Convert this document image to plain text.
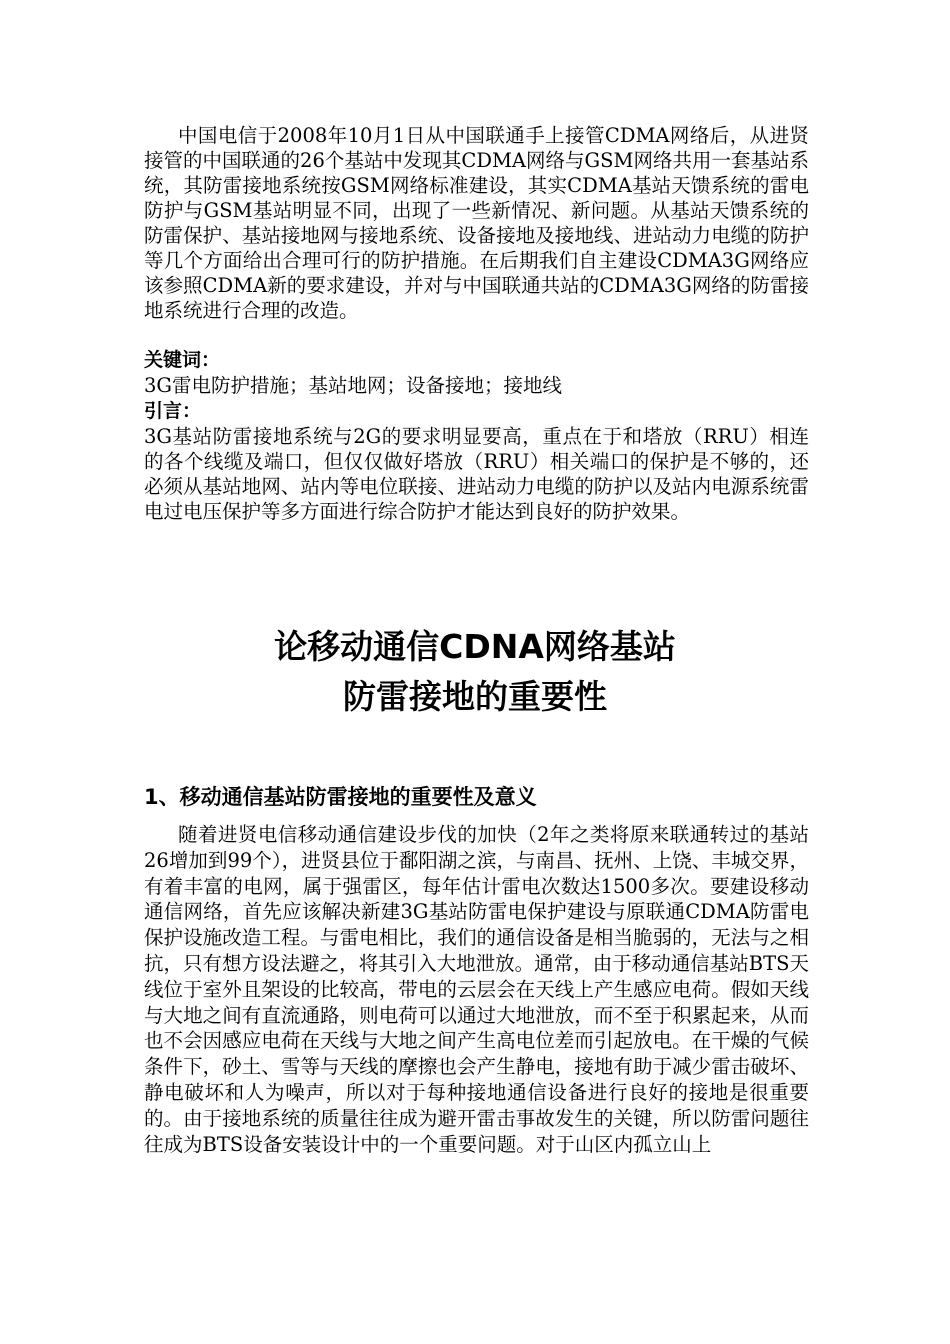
中国电信于2008年10月1日从中国联通手上接管CDMA网络后，从进贤接管的中国联通的26个基站中发现其CDMA网络与GSM网络共用一套基站系统，其防雷接地系统按GSM网络标准建设，其实CDMA基站天馈系统的雷电防护与GSM基站明显不同，出现了一些新情况、新问题。从基站天馈系统的防雷保护、基站接地网与接地系统、设备接地及接地线、进站动力电缆的防护等几个方面给出合理可行的防护措施。在后期我们自主建设CDMA3G网络应该参照CDMA新的要求建设，并对与中国联通共站的CDMA3G网络的防雷接地系统进行合理的改造。

关键词：

3G雷电防护措施；基站地网；设备接地；接地线

引言：

3G基站防雷接地系统与2G的要求明显要高，重点在于和塔放（RRU）相连的各个线缆及端口，但仅仅做好塔放（RRU）相关端口的保护是不够的，还必须从基站地网、站内等电位联接、进站动力电缆的防护以及站内电源系统雷电过电压保护等多方面进行综合防护才能达到良好的防护效果。

论移动通信CDNA网络基站
防雷接地的重要性
1、移动通信基站防雷接地的重要性及意义

随着进贤电信移动通信建设步伐的加快（2年之类将原来联通转过的基站26增加到99个），进贤县位于鄱阳湖之滨，与南昌、抚州、上饶、丰城交界，有着丰富的电网，属于强雷区，每年估计雷电次数达1500多次。要建设移动通信网络，首先应该解决新建3G基站防雷电保护建设与原联通CDMA防雷电保护设施改造工程。与雷电相比，我们的通信设备是相当脆弱的，无法与之相抗，只有想方设法避之，将其引入大地泄放。通常，由于移动通信基站BTS天线位于室外且架设的比较高，带电的云层会在天线上产生感应电荷。假如天线与大地之间有直流通路，则电荷可以通过大地泄放，而不至于积累起来，从而也不会因感应电荷在天线与大地之间产生高电位差而引起放电。在干燥的气候条件下，砂土、雪等与天线的摩擦也会产生静电，接地有助于减少雷击破坏、静电破坏和人为噪声，所以对于每种接地通信设备进行良好的接地是很重要的。由于接地系统的质量往往成为避开雷击事故发生的关键，所以防雷问题往往成为BTS设备安装设计中的一个重要问题。对于山区内孤立山上
